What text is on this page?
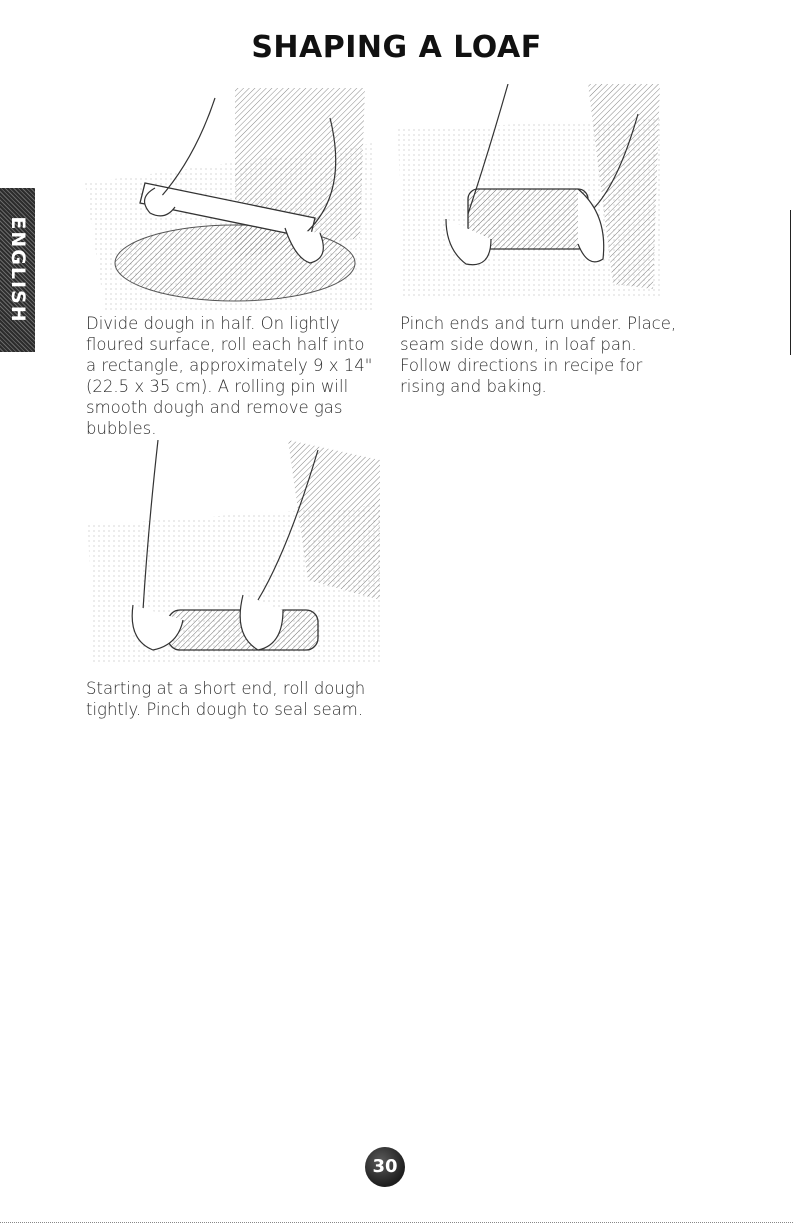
SHAPING A LOAF
ENGLISH	Divide dough in half. On lightly floured surface, roll each half into a rectangle, approximately 9 x 14" (22.5 x 35 cm). A rolling pin will smooth dough and remove gas bubbles.
Pinch ends and turn under. Place, seam side down, in loaf pan. Follow directions in recipe for rising and baking.
Starting at a short end, roll dough tightly. Pinch dough to seal seam.
30
